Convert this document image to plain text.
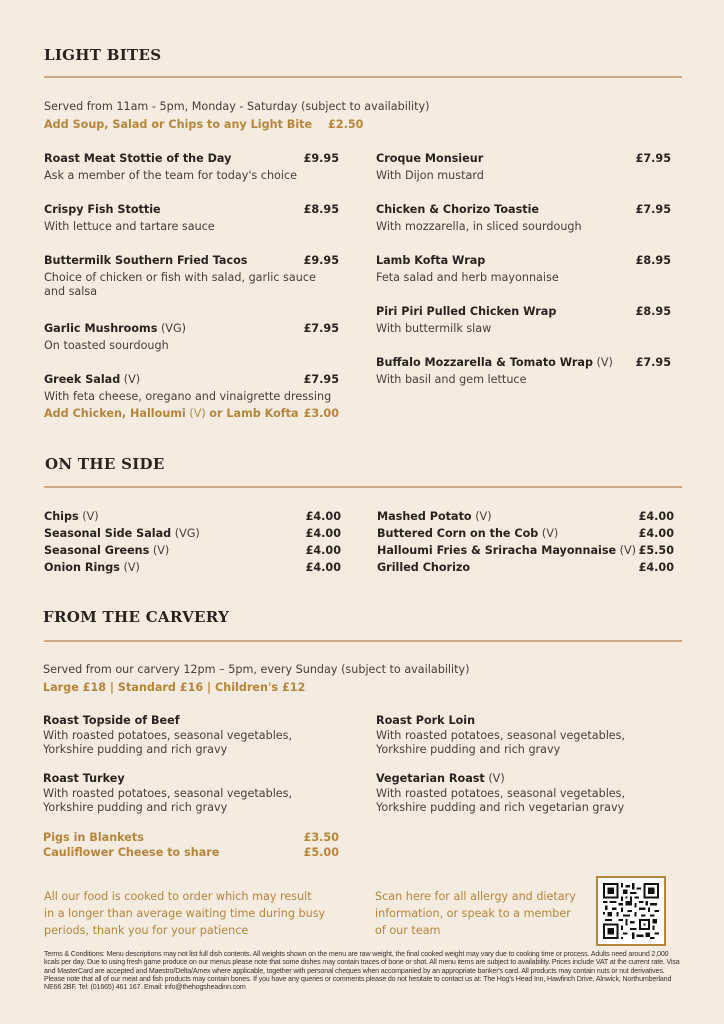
LIGHT BITES
Served from 11am - 5pm, Monday - Saturday (subject to availability)
Add Soup, Salad or Chips to any Light Bite £2.50
Roast Meat Stottie of the Day	£9.95
Ask a member of the team for today's choice
Crispy Fish Stottie	£8.95
With lettuce and tartare sauce
Buttermilk Southern Fried Tacos	£9.95
Choice of chicken or fish with salad, garlic sauce and salsa
Garlic Mushrooms (VG)	£7.95
On toasted sourdough
Greek Salad (V)	£7.95
With feta cheese, oregano and vinaigrette dressing
Add Chicken, Halloumi (V) or Lamb Kofta £3.00
Croque Monsieur	£7.95
With Dijon mustard
Chicken & Chorizo Toastie	£7.95
With mozzarella, in sliced sourdough
Lamb Kofta Wrap	£8.95
Feta salad and herb mayonnaise
Piri Piri Pulled Chicken Wrap	£8.95
With buttermilk slaw
Buffalo Mozzarella & Tomato Wrap (V) £7.95
With basil and gem lettuce
ON THE SIDE
Chips (V)	£4.00
Seasonal Side Salad (VG)	£4.00
Seasonal Greens (V)	£4.00
Onion Rings (V)	£4.00
Mashed Potato (V)	£4.00
Buttered Corn on the Cob (V)	£4.00
Halloumi Fries & Sriracha Mayonnaise (V) £5.50
Grilled Chorizo	£4.00
FROM THE CARVERY
Served from our carvery 12pm – 5pm, every Sunday (subject to availability)
Large £18 | Standard £16 | Children's £12
Roast Topside of Beef
With roasted potatoes, seasonal vegetables,
Yorkshire pudding and rich gravy
Roast Pork Loin
With roasted potatoes, seasonal vegetables,
Yorkshire pudding and rich gravy
Roast Turkey
With roasted potatoes, seasonal vegetables,
Yorkshire pudding and rich gravy
Vegetarian Roast (V)
With roasted potatoes, seasonal vegetables,
Yorkshire pudding and rich vegetarian gravy
Pigs in Blankets	£3.50
Cauliflower Cheese to share	£5.00
All our food is cooked to order which may result
in a longer than average waiting time during busy
periods, thank you for your patience
Scan here for all allergy and dietary
information, or speak to a member
of our team
Terms & Conditions: Menu descriptions may not list full dish contents. All weights shown on the menu are raw weight, the final cooked weight may vary due to cooking time or process. Adults need around 2,000 kcals per day. Due to using fresh game produce on our menus please note that some dishes may contain traces of bone or shot. All menu items are subject to availability. Prices include VAT at the current rate. Visa and MasterCard are accepted and Maestro/Delta/Amex where applicable, together with personal cheques when accompanied by an appropriate banker's card. All products may contain nuts or nut derivatives. Please note that all of our meat and fish products may contain bones. If you have any queries or comments please do not hesitate to contact us at: The Hog's Head Inn, Hawfinch Drive, Alnwick, Northumberland NE66 2BF. Tel: (01665) 461 167. Email: info@thehogsheadinn.com
